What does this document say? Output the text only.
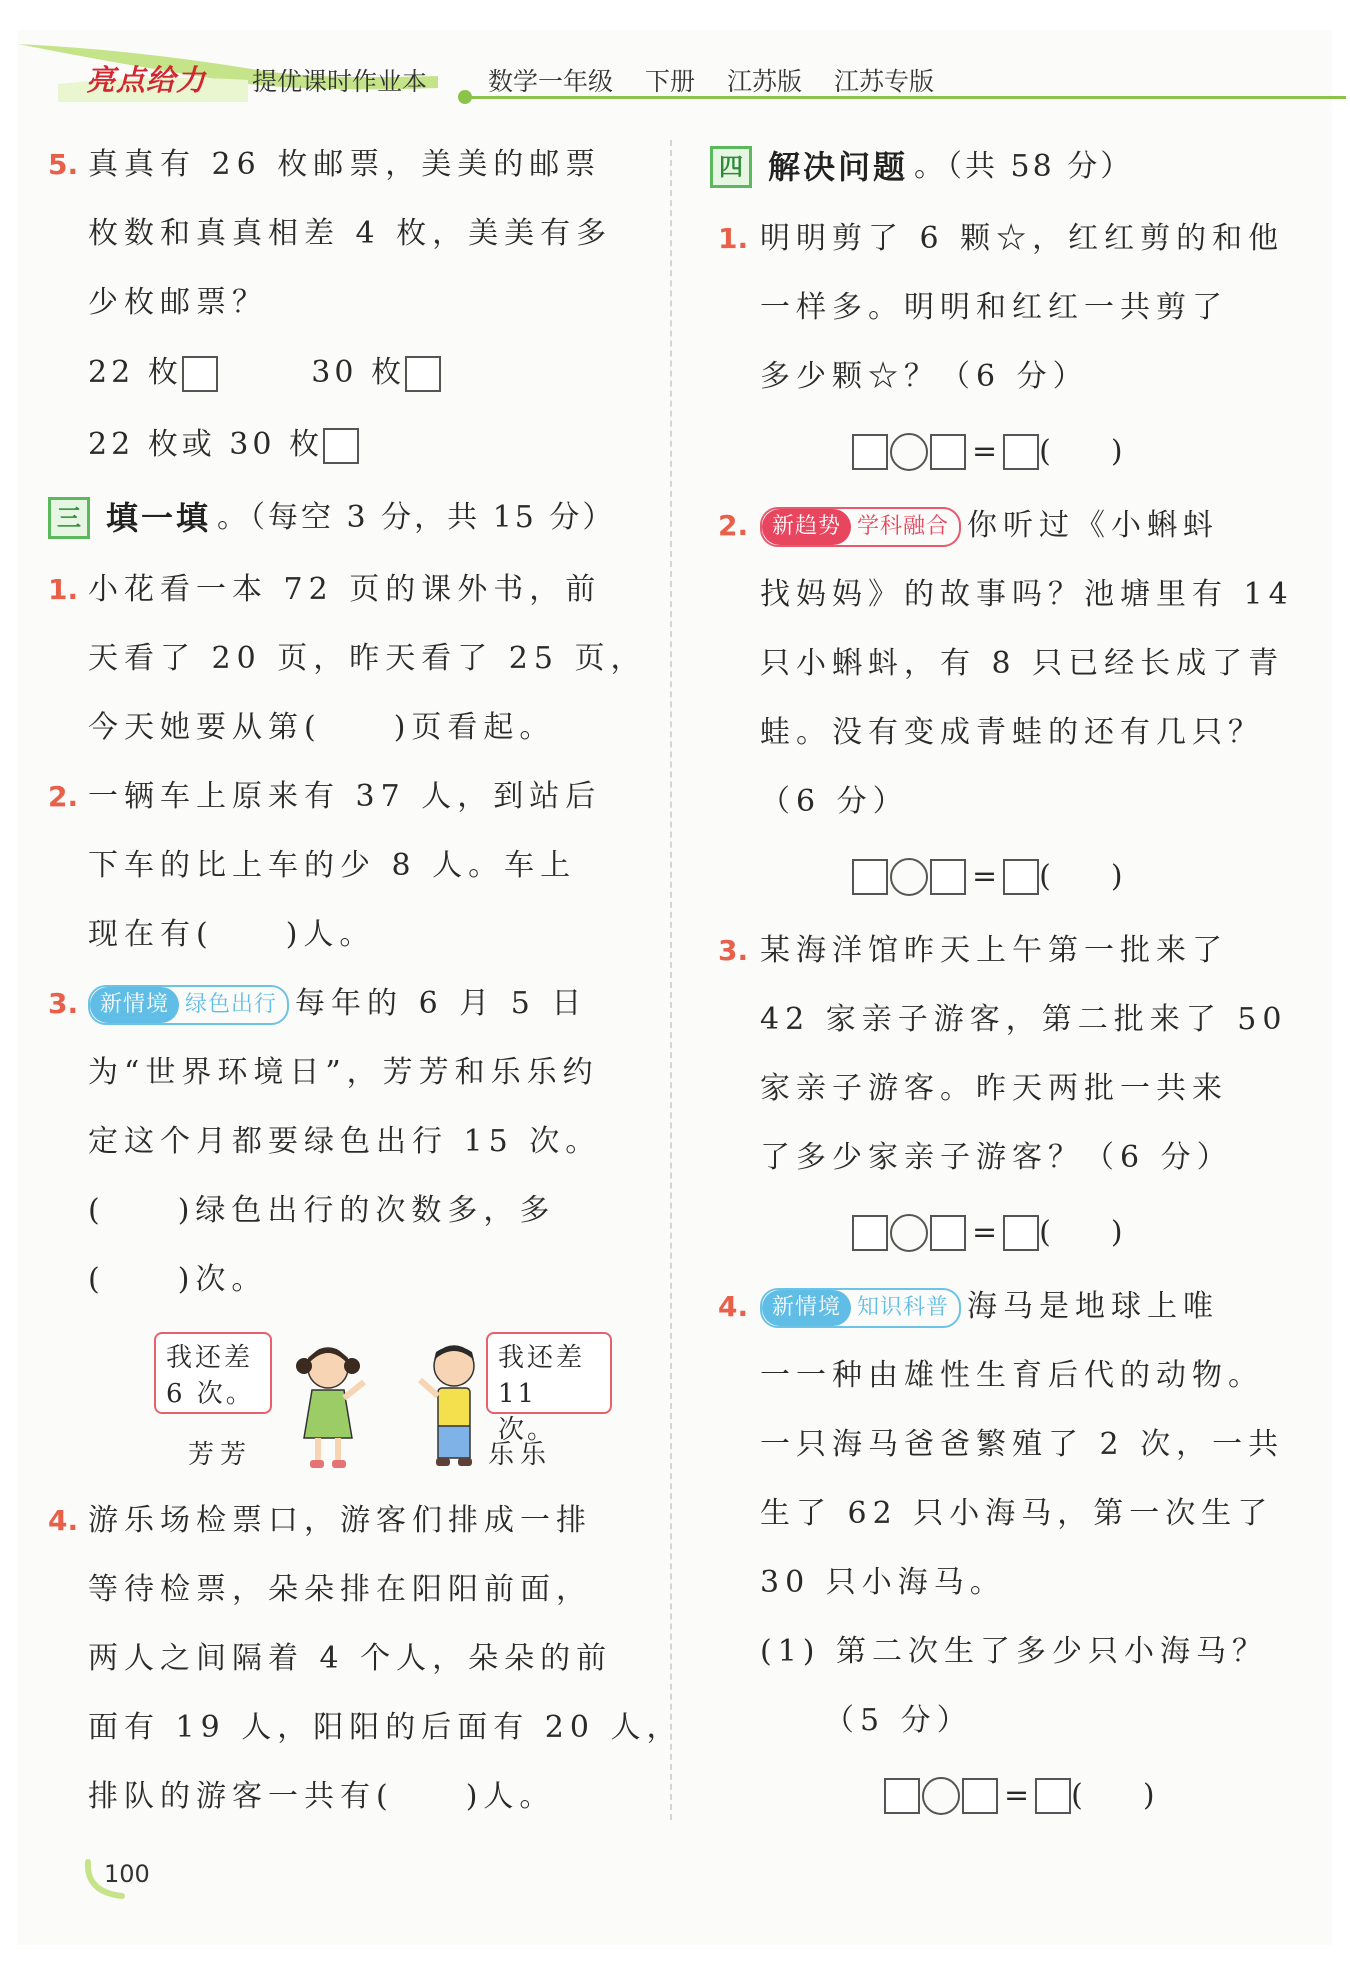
亮点给力 提优课时作业本 数学一年级 下册 江苏版 江苏专版
5. 真真有 26 枚邮票，美美的邮票
枚数和真真相差 4 枚，美美有多
少枚邮票？
22 枚	30 枚
22 枚或 30 枚
三 填一填 。（每空 3 分，共 15 分）
1. 小花看一本 72 页的课外书，前
天看了 20 页，昨天看了 25 页，
今天她要从第(　　)页看起。
2. 一辆车上原来有 37 人，到站后
下车的比上车的少 8 人。车上
现在有(　　)人。
3. 新情境 绿色出行 每年的 6 月 5 日
为“世界环境日”，芳芳和乐乐约
定这个月都要绿色出行 15 次。
(　　)绿色出行的次数多，多
(　　)次。
我还差
6 次。
我还差
11 次。
芳芳	乐乐
4. 游乐场检票口，游客们排成一排
等待检票，朵朵排在阳阳前面，
两人之间隔着 4 个人，朵朵的前
面有 19 人，阳阳的后面有 20 人，
排队的游客一共有(　　)人。
四 解决问题 。（共 58 分）
1. 明明剪了 6 颗☆，红红剪的和他
一样多。明明和红红一共剪了
多少颗☆？（6 分）
= (　　)
2.	新趋势 学科融合 你听过《小蝌蚪
找妈妈》的故事吗？池塘里有 14
只小蝌蚪，有 8 只已经长成了青
蛙。没有变成青蛙的还有几只？
（6 分）
= (　　)
3. 某海洋馆昨天上午第一批来了
42 家亲子游客，第二批来了 50
家亲子游客。昨天两批一共来
了多少家亲子游客？（6 分）
= (　　)
4.	新情境 知识科普 海马是地球上唯
一一种由雄性生育后代的动物。
一只海马爸爸繁殖了 2 次，一共
生了 62 只小海马，第一次生了
30 只小海马。
(1) 第二次生了多少只小海马？
（5 分）
= (　　)
100
